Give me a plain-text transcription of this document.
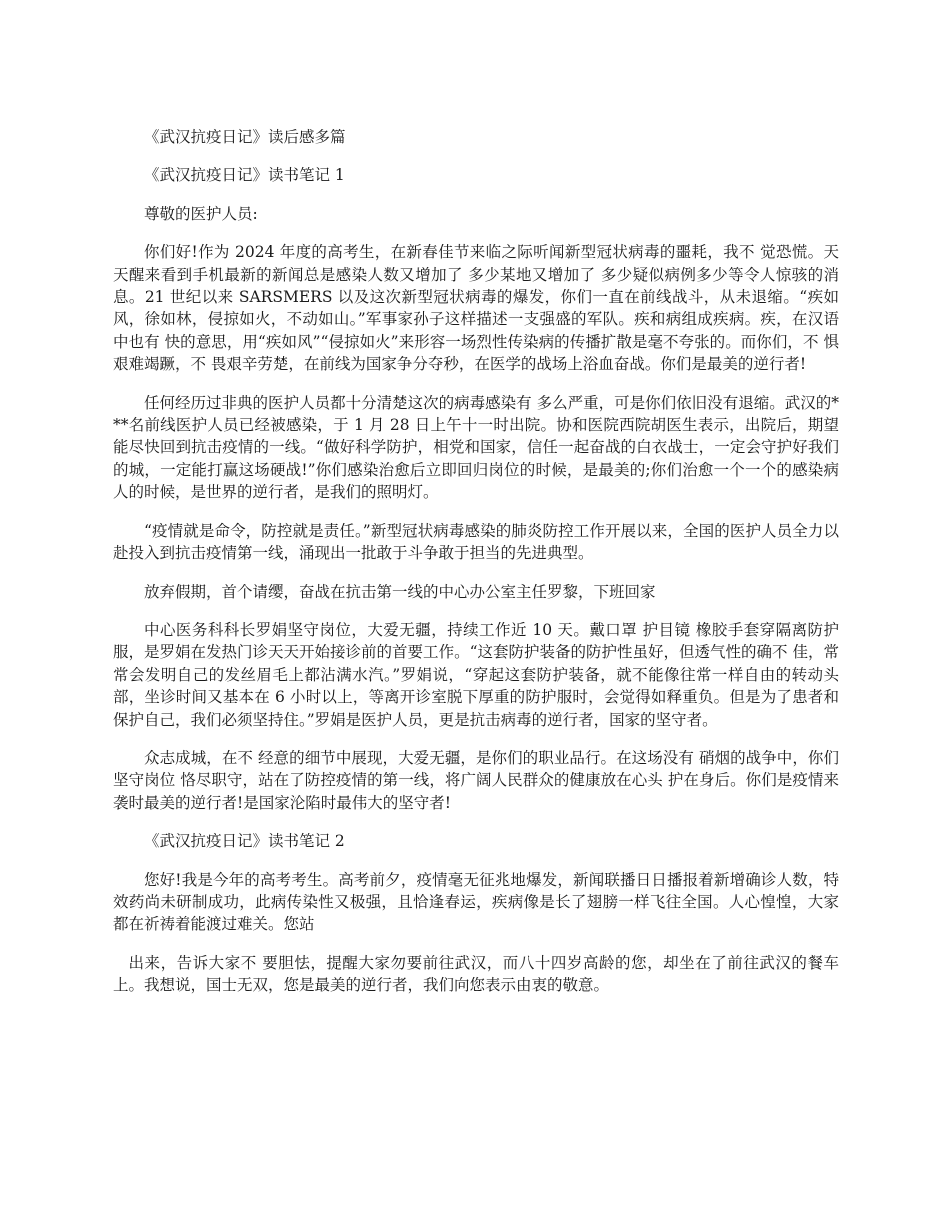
《武汉抗疫日记》读后感多篇

《武汉抗疫日记》读书笔记 1

尊敬的医护人员:

你们好!作为 2024 年度的高考生，在新春佳节来临之际听闻新型冠状病毒的噩耗，我不 觉恐慌。天天醒来看到手机最新的新闻总是感染人数又增加了 多少某地又增加了 多少疑似病例多少等令人惊骇的消息。21 世纪以来 SARSMERS 以及这次新型冠状病毒的爆发，你们一直在前线战斗，从未退缩。“疾如风，徐如林，侵掠如火，不动如山。”军事家孙子这样描述一支强盛的军队。疾和病组成疾病。疾，在汉语中也有 快的意思，用“疾如风”“侵掠如火”来形容一场烈性传染病的传播扩散是毫不夸张的。而你们，不 惧艰难竭蹶，不 畏艰辛劳楚，在前线为国家争分夺秒，在医学的战场上浴血奋战。你们是最美的逆行者!

任何经历过非典的医护人员都十分清楚这次的病毒感染有 多么严重，可是你们依旧没有退缩。武汉的***名前线医护人员已经被感染，于 1 月 28 日上午十一时出院。协和医院西院胡医生表示，出院后，期望能尽快回到抗击疫情的一线。“做好科学防护，相党和国家，信任一起奋战的白衣战士，一定会守护好我们的城，一定能打赢这场硬战!”你们感染治愈后立即回归岗位的时候，是最美的;你们治愈一个一个的感染病人的时候，是世界的逆行者，是我们的照明灯。

“疫情就是命令，防控就是责任。”新型冠状病毒感染的肺炎防控工作开展以来，全国的医护人员全力以赴投入到抗击疫情第一线，涌现出一批敢于斗争敢于担当的先进典型。

放弃假期，首个请缨，奋战在抗击第一线的中心办公室主任罗黎，下班回家

中心医务科科长罗娟坚守岗位，大爱无疆，持续工作近 10 天。戴口罩 护目镜 橡胶手套穿隔离防护服，是罗娟在发热门诊天天开始接诊前的首要工作。“这套防护装备的防护性虽好，但透气性的确不 佳，常常会发明自己的发丝眉毛上都沾满水汽。”罗娟说，“穿起这套防护装备，就不能像往常一样自由的转动头部，坐诊时间又基本在 6 小时以上，等离开诊室脱下厚重的防护服时，会觉得如释重负。但是为了患者和保护自己，我们必须坚持住。”罗娟是医护人员，更是抗击病毒的逆行者，国家的坚守者。

众志成城，在不 经意的细节中展现，大爱无疆，是你们的职业品行。在这场没有 硝烟的战争中，你们坚守岗位 恪尽职守，站在了防控疫情的第一线，将广阔人民群众的健康放在心头 护在身后。你们是疫情来袭时最美的逆行者!是国家沦陷时最伟大的坚守者!

《武汉抗疫日记》读书笔记 2

您好!我是今年的高考考生。高考前夕，疫情毫无征兆地爆发，新闻联播日日播报着新增确诊人数，特效药尚未研制成功，此病传染性又极强，且恰逢春运，疾病像是长了翅膀一样飞往全国。人心惶惶，大家都在祈祷着能渡过难关。您站

出来，告诉大家不 要胆怯，提醒大家勿要前往武汉，而八十四岁高龄的您，却坐在了前往武汉的餐车上。我想说，国士无双，您是最美的逆行者，我们向您表示由衷的敬意。
